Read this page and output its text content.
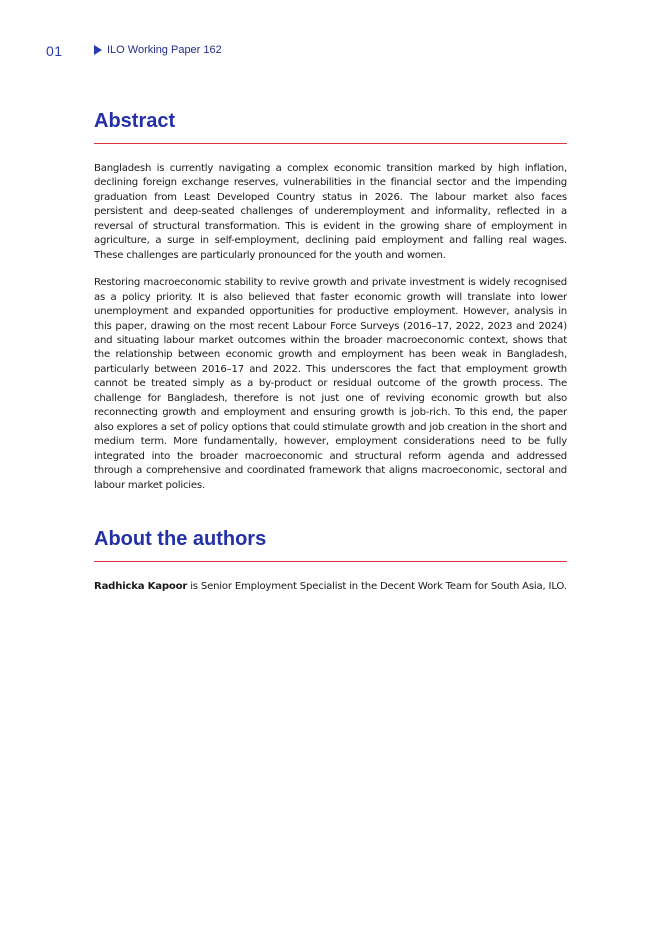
01	ILO Working Paper 162
Abstract

Bangladesh is currently navigating a complex economic transition marked by high inflation, declining foreign exchange reserves, vulnerabilities in the financial sector and the impending graduation from Least Developed Country status in 2026. The labour market also faces persistent and deep-seated challenges of underemployment and informality, reflected in a reversal of structural transformation. This is evident in the growing share of employment in agriculture, a surge in self-employment, declining paid employment and falling real wages. These challenges are particularly pronounced for the youth and women.

Restoring macroeconomic stability to revive growth and private investment is widely recognised as a policy priority. It is also believed that faster economic growth will translate into lower unemployment and expanded opportunities for productive employment. However, analysis in this paper, drawing on the most recent Labour Force Surveys (2016–17, 2022, 2023 and 2024) and situating labour market outcomes within the broader macroeconomic context, shows that the relationship between economic growth and employment has been weak in Bangladesh, particularly between 2016–17 and 2022. This underscores the fact that employment growth cannot be treated simply as a by-product or residual outcome of the growth process. The challenge for Bangladesh, therefore is not just one of reviving economic growth but also reconnecting growth and employment and ensuring growth is job-rich. To this end, the paper also explores a set of policy options that could stimulate growth and job creation in the short and medium term. More fundamentally, however, employment considerations need to be fully integrated into the broader macroeconomic and structural reform agenda and addressed through a comprehensive and coordinated framework that aligns macroeconomic, sectoral and labour market policies.

About the authors

Radhicka Kapoor is Senior Employment Specialist in the Decent Work Team for South Asia, ILO.
